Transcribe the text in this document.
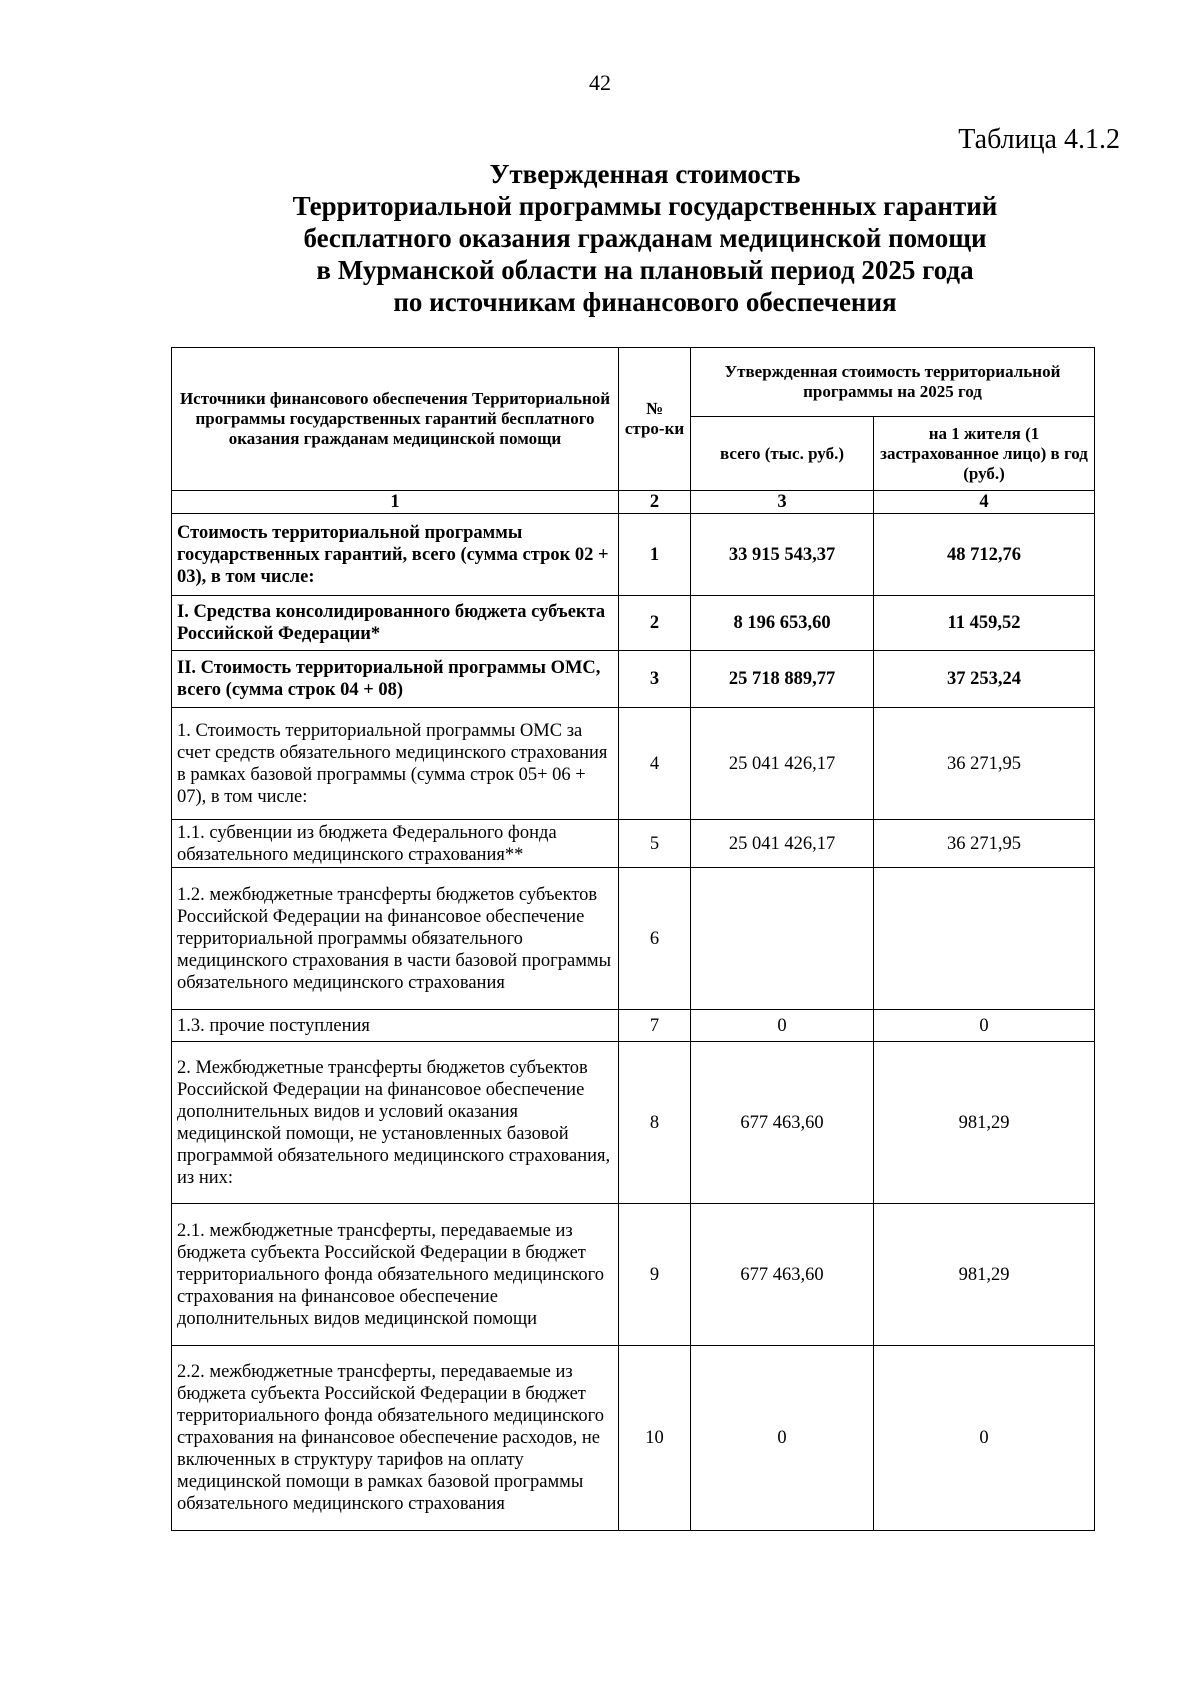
42
Таблица 4.1.2
Утвержденная стоимость
Территориальной программы государственных гарантий
бесплатного оказания гражданам медицинской помощи
в Мурманской области на плановый период 2025 года
по источникам финансового обеспечения
Источники финансового обеспечения Территориальной программы государственных гарантий бесплатного оказания гражданам медицинской помощи	№ стро-ки	Утвержденная стоимость территориальной программы на 2025 год	
		всего (тыс. руб.)	на 1 жителя (1 застрахованное лицо) в год (руб.)
1	2	3	4
Стоимость территориальной программы государственных гарантий, всего (сумма строк 02 + 03), в том числе:	1	33 915 543,37	48 712,76
I. Средства консолидированного бюджета субъекта Российской Федерации*	2	8 196 653,60	11 459,52
II. Стоимость территориальной программы ОМС, всего (сумма строк 04 + 08)	3	25 718 889,77	37 253,24
1. Стоимость территориальной программы ОМС за счет средств обязательного медицинского страхования в рамках базовой программы (сумма строк 05+ 06 + 07), в том числе:	4	25 041 426,17	36 271,95
1.1. субвенции из бюджета Федерального фонда обязательного медицинского страхования**	5	25 041 426,17	36 271,95
1.2. межбюджетные трансферты бюджетов субъектов Российской Федерации на финансовое обеспечение территориальной программы обязательного медицинского страхования в части базовой программы обязательного медицинского страхования	6		
1.3. прочие поступления	7	0	0
2. Межбюджетные трансферты бюджетов субъектов Российской Федерации на финансовое обеспечение дополнительных видов и условий оказания медицинской помощи, не установленных базовой программой обязательного медицинского страхования, из них:	8	677 463,60	981,29
2.1. межбюджетные трансферты, передаваемые из бюджета субъекта Российской Федерации в бюджет территориального фонда обязательного медицинского страхования на финансовое обеспечение дополнительных видов медицинской помощи	9	677 463,60	981,29
2.2. межбюджетные трансферты, передаваемые из бюджета субъекта Российской Федерации в бюджет территориального фонда обязательного медицинского страхования на финансовое обеспечение расходов, не включенных в структуру тарифов на оплату медицинской помощи в рамках базовой программы обязательного медицинского страхования	10	0	0
